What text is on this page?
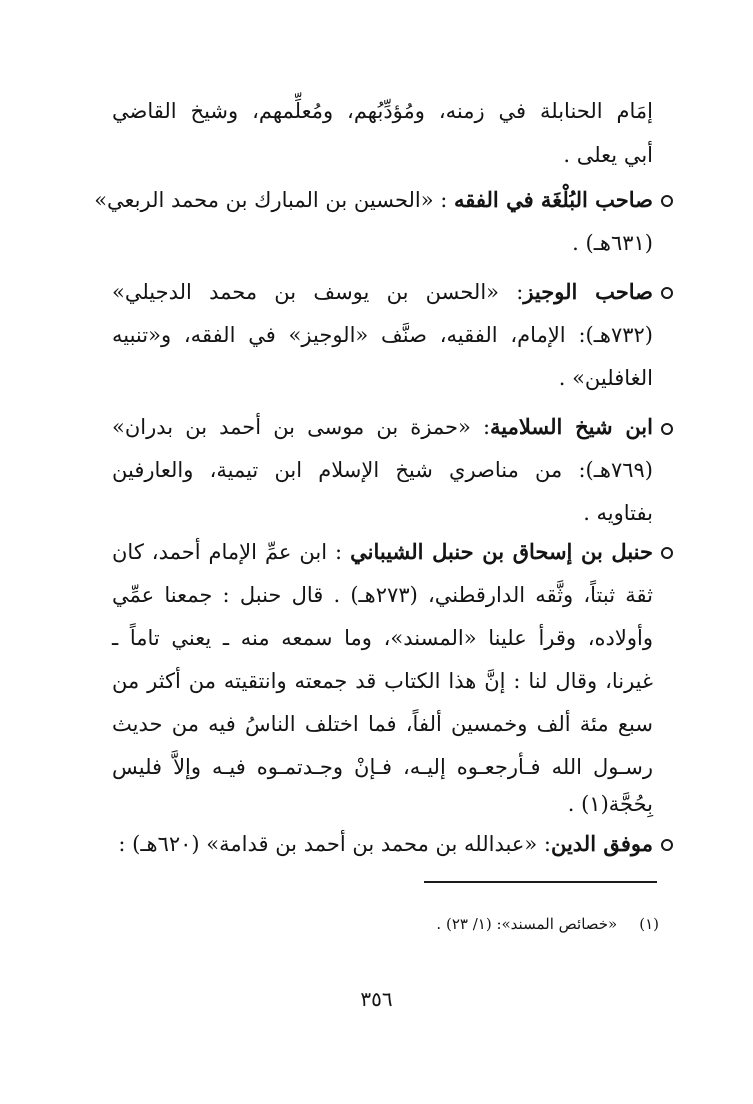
إمَام الحنابلة في زمنه، ومُؤدِّبُهم، ومُعلِّمهم، وشيخ القاضي
أبي يعلى .
صاحب البُلْغَة في الفقه : «الحسين بن المبارك بن محمد الربعي»
(٦٣١هـ) .
صاحب الوجيز: «الحسن بن يوسف بن محمد الدجيلي»
(٧٣٢هـ): الإمام، الفقيه، صنَّف «الوجيز» في الفقه، و«تنبيه
الغافلين» .
ابن شيخ السلامية: «حمزة بن موسى بن أحمد بن بدران»
(٧٦٩هـ): من مناصري شيخ الإسلام ابن تيمية، والعارفين
بفتاويه .
حنبل بن إسحاق بن حنبل الشيباني : ابن عمِّ الإمام أحمد، كان
ثقة ثبتاً، وثَّقه الدارقطني، (٢٧٣هـ) . قال حنبل : جمعنا عمِّي
وأولاده، وقرأ علينا «المسند»، وما سمعه منه ـ يعني تاماً ـ
غيرنا، وقال لنا : إنَّ هذا الكتاب قد جمعته وانتقيته من أكثر من
سبع مئة ألف وخمسين ألفاً، فما اختلف الناسُ فيه من حديث
رسـول الله فـأرجعـوه إليـه، فـإنْ وجـدتمـوه فيـه وإلاَّ فليس
بِحُجَّة(١) .
موفق الدين: «عبدالله بن محمد بن أحمد بن قدامة» (٦٢٠هـ) :
(١)«خصائص المسند»: (١/ ٢٣) .
٣٥٦
